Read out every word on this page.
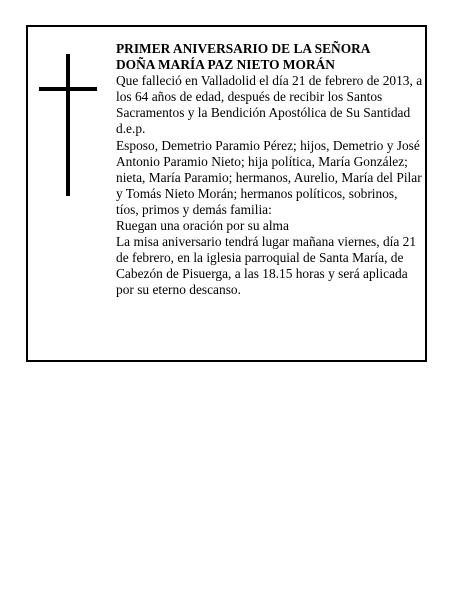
PRIMER ANIVERSARIO DE LA SEÑORA

DOÑA MARÍA PAZ NIETO MORÁN

Que falleció en Valladolid el día 21 de febrero de 2013, a los 64 años de edad, después de recibir los Santos Sacramentos y la Bendición Apostólica de Su Santidad d.e.p.

Esposo, Demetrio Paramio Pérez; hijos, Demetrio y José Antonio Paramio Nieto; hija política, María González; nieta, María Paramio; hermanos, Aurelio, María del Pilar y Tomás Nieto Morán; hermanos políticos, sobrinos, tíos, primos y demás familia:

Ruegan una oración por su alma

La misa aniversario tendrá lugar mañana viernes, día 21 de febrero, en la iglesia parroquial de Santa María, de Cabezón de Pisuerga, a las 18.15 horas y será aplicada por su eterno descanso.
